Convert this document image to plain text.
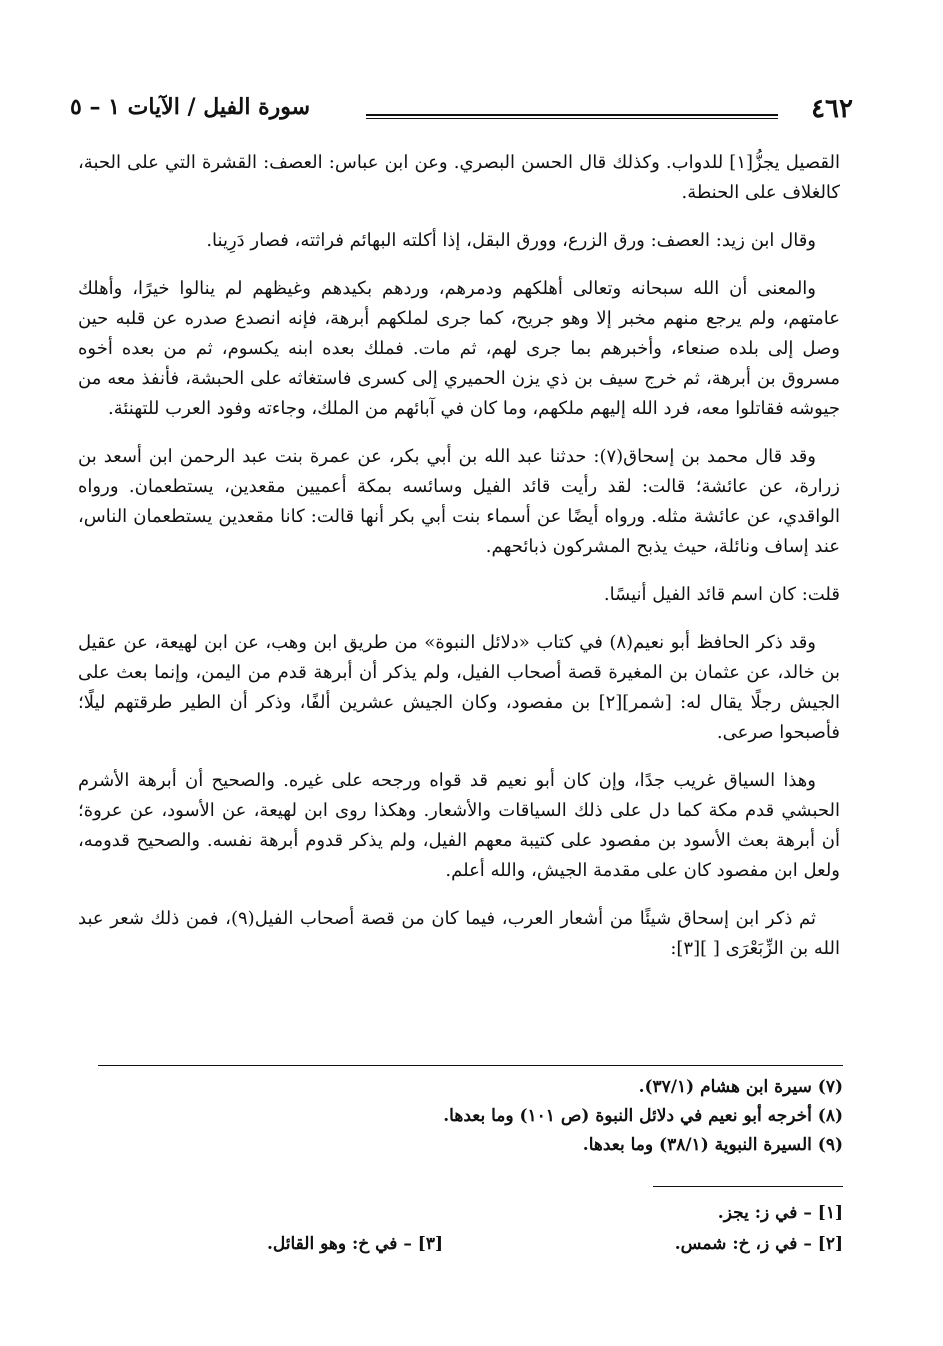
٤٦٢
سورة الفيل / الآيات ١ – ٥

القصيل يجزُّ[١] للدواب. وكذلك قال الحسن البصري. وعن ابن عباس: العصف: القشرة التي على الحبة، كالغلاف على الحنطة.

وقال ابن زيد: العصف: ورق الزرع، وورق البقل، إذا أكلته البهائم فراثته، فصار دَرِينا.

والمعنى أن الله سبحانه وتعالى أهلكهم ودمرهم، وردهم بكيدهم وغيظهم لم ينالوا خيرًا، وأهلك عامتهم، ولم يرجع منهم مخبر إلا وهو جريح، كما جرى لملكهم أبرهة، فإنه انصدع صدره عن قلبه حين وصل إلى بلده صنعاء، وأخبرهم بما جرى لهم، ثم مات. فملك بعده ابنه يكسوم، ثم من بعده أخوه مسروق بن أبرهة، ثم خرج سيف بن ذي يزن الحميري إلى كسرى فاستغاثه على الحبشة، فأنفذ معه من جيوشه فقاتلوا معه، فرد الله إليهم ملكهم، وما كان في آبائهم من الملك، وجاءته وفود العرب للتهنئة.

وقد قال محمد بن إسحاق(٧): حدثنا عبد الله بن أبي بكر، عن عمرة بنت عبد الرحمن ابن أسعد بن زرارة، عن عائشة؛ قالت: لقد رأيت قائد الفيل وسائسه بمكة أعميين مقعدين، يستطعمان. ورواه الواقدي، عن عائشة مثله. ورواه أيضًا عن أسماء بنت أبي بكر أنها قالت: كانا مقعدين يستطعمان الناس، عند إساف ونائلة، حيث يذبح المشركون ذبائحهم.

قلت: كان اسم قائد الفيل أنيسًا.

وقد ذكر الحافظ أبو نعيم(٨) في كتاب «دلائل النبوة» من طريق ابن وهب، عن ابن لهيعة، عن عقيل بن خالد، عن عثمان بن المغيرة قصة أصحاب الفيل، ولم يذكر أن أبرهة قدم من اليمن، وإنما بعث على الجيش رجلًا يقال له: [شمر][٢] بن مفصود، وكان الجيش عشرين ألفًا، وذكر أن الطير طرقتهم ليلًا؛ فأصبحوا صرعى.

وهذا السياق غريب جدًا، وإن كان أبو نعيم قد قواه ورجحه على غيره. والصحيح أن أبرهة الأشرم الحبشي قدم مكة كما دل على ذلك السياقات والأشعار. وهكذا روى ابن لهيعة، عن الأسود، عن عروة؛ أن أبرهة بعث الأسود بن مفصود على كتيبة معهم الفيل، ولم يذكر قدوم أبرهة نفسه. والصحيح قدومه، ولعل ابن مفصود كان على مقدمة الجيش، والله أعلم.

ثم ذكر ابن إسحاق شيئًا من أشعار العرب، فيما كان من قصة أصحاب الفيل(٩)، فمن ذلك شعر عبد الله بن الزِّبَعْرَى [ ][٣]:

(٧) سيرة ابن هشام (٣٧/١).
(٨) أخرجه أبو نعيم في دلائل النبوة (ص ١٠١) وما بعدها.
(٩) السيرة النبوية (٣٨/١) وما بعدها.
[١] – في ز: يجز.
[٢] – في ز، خ: شمس.
[٣] – في خ: وهو القائل.
